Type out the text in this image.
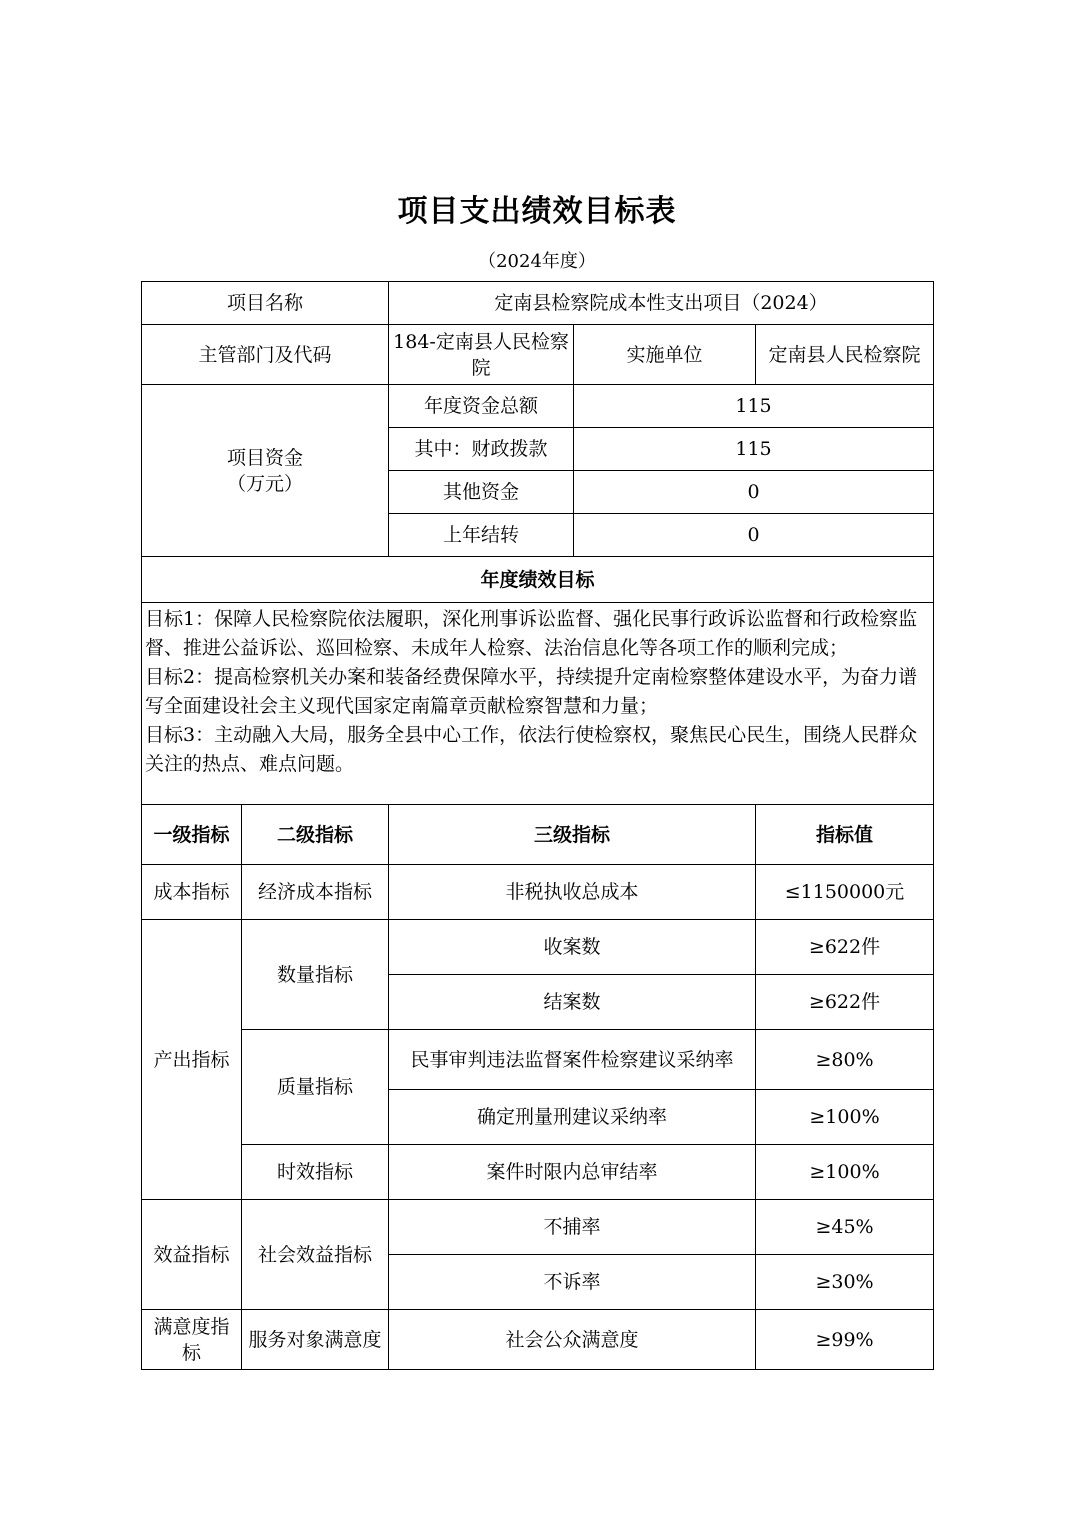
项目支出绩效目标表
（2024年度）
项目名称		定南县检察院成本性支出项目（2024）		
主管部门及代码		184-定南县人民检察院	实施单位	定南县人民检察院

项目资金
（万元）		年度资金总额	115	
		其中：财政拨款	115	
		其他资金	0	
		上年结转	0	
年度绩效目标				

目标1：保障人民检察院依法履职，深化刑事诉讼监督、强化民事行政诉讼监督和行政检察监督、推进公益诉讼、巡回检察、未成年人检察、法治信息化等各项工作的顺利完成；
目标2：提高检察机关办案和装备经费保障水平，持续提升定南检察整体建设水平，为奋力谱写全面建设社会主义现代国家定南篇章贡献检察智慧和力量；
目标3：主动融入大局，服务全县中心工作，依法行使检察权，聚焦民心民生，围绕人民群众关注的热点、难点问题。				

一级指标	二级指标	三级指标		指标值
成本指标	经济成本指标	非税执收总成本		≤1150000元
产出指标	数量指标	收案数		≥622件
		结案数		≥622件
	质量指标	民事审判违法监督案件检察建议采纳率		≥80%
		确定刑量刑建议采纳率		≥100%
	时效指标	案件时限内总审结率		≥100%
效益指标	社会效益指标	不捕率		≥45%
		不诉率		≥30%
满意度指标	服务对象满意度	社会公众满意度		≥99%
